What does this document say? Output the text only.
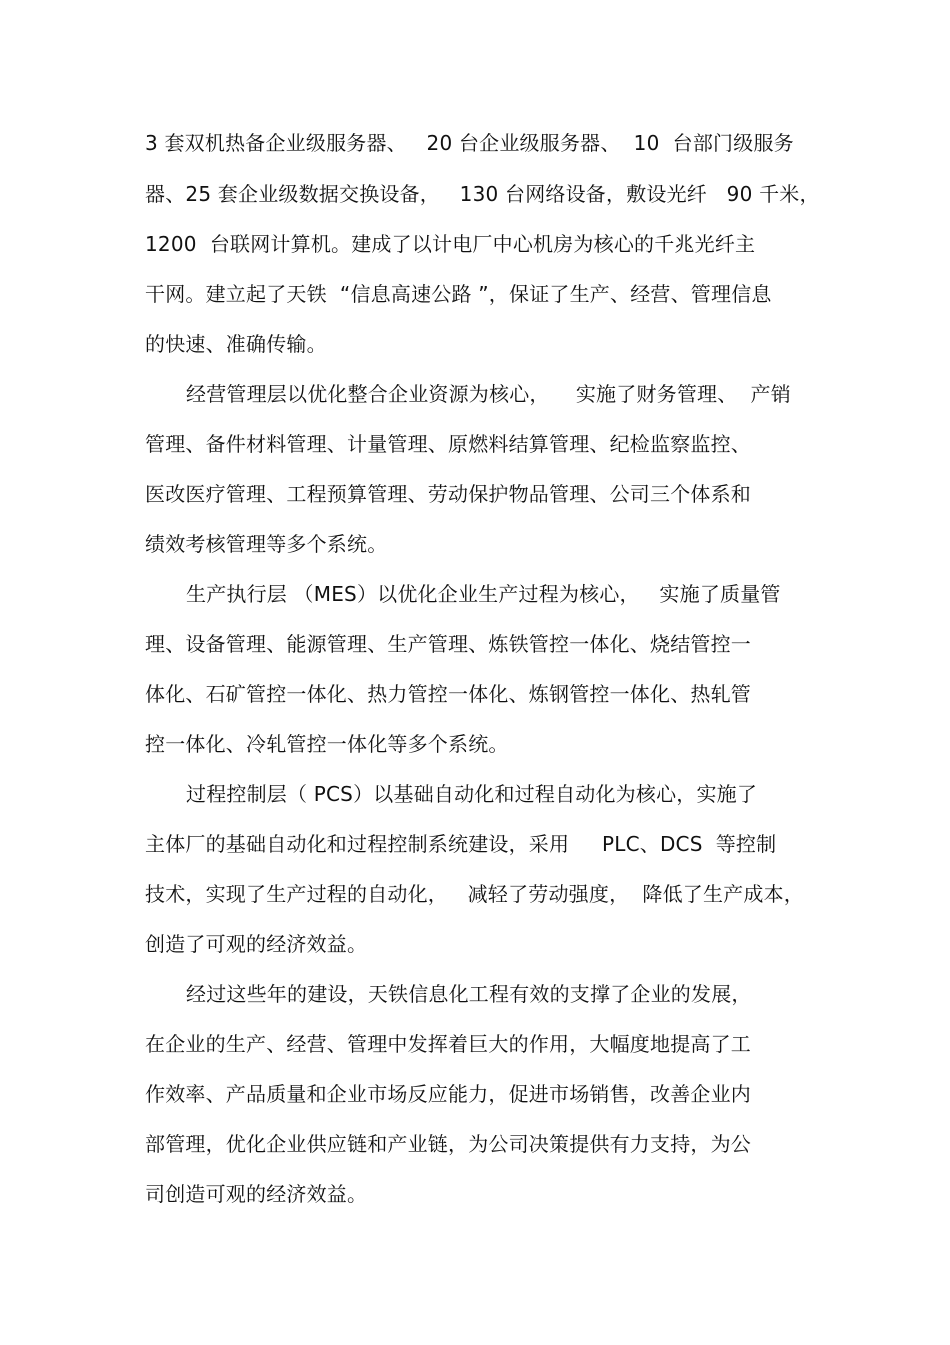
3 套双机热备企业级服务器、   20 台企业级服务器、  10  台部门级服务
器、25 套企业级数据交换设备，   130 台网络设备，敷设光纤   90 千米，
1200  台联网计算机。建成了以计电厂中心机房为核心的千兆光纤主
干网。建立起了天铁  “信息高速公路 ”，保证了生产、经营、管理信息
的快速、准确传输。
经营管理层以优化整合企业资源为核心，    实施了财务管理、  产销
管理、备件材料管理、计量管理、原燃料结算管理、纪检监察监控、
医改医疗管理、工程预算管理、劳动保护物品管理、公司三个体系和
绩效考核管理等多个系统。
生产执行层 （MES）以优化企业生产过程为核心，   实施了质量管
理、设备管理、能源管理、生产管理、炼铁管控一体化、烧结管控一
体化、石矿管控一体化、热力管控一体化、炼钢管控一体化、热轧管
控一体化、冷轧管控一体化等多个系统。
过程控制层（ PCS）以基础自动化和过程自动化为核心，实施了
主体厂的基础自动化和过程控制系统建设，采用     PLC、DCS  等控制
技术，实现了生产过程的自动化，   减轻了劳动强度，  降低了生产成本，
创造了可观的经济效益。
经过这些年的建设，天铁信息化工程有效的支撑了企业的发展，
在企业的生产、经营、管理中发挥着巨大的作用，大幅度地提高了工
作效率、产品质量和企业市场反应能力，促进市场销售，改善企业内
部管理，优化企业供应链和产业链，为公司决策提供有力支持，为公
司创造可观的经济效益。
